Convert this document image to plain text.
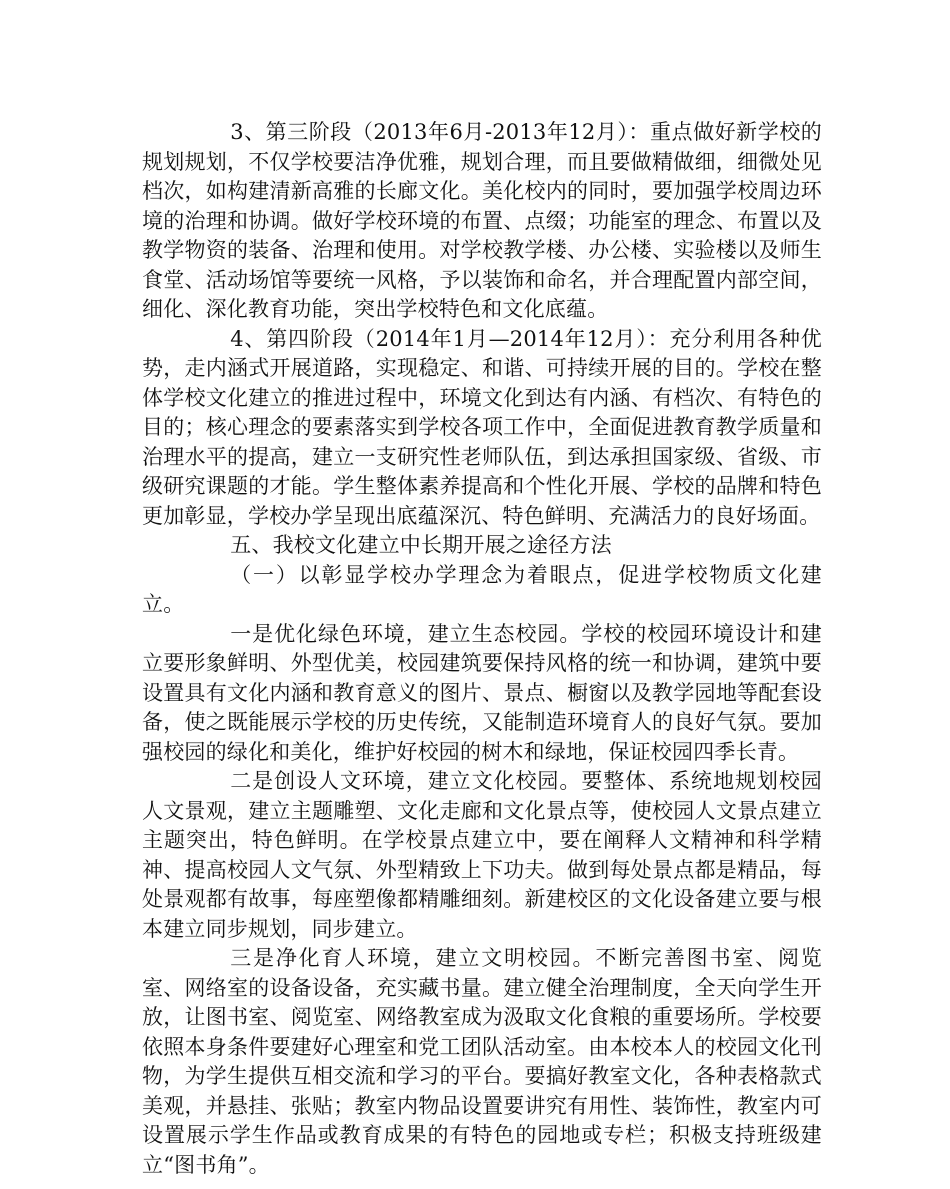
3、第三阶段（2013年6月-2013年12月）：重点做好新学校的规划规划，不仅学校要洁净优雅，规划合理，而且要做精做细，细微处见档次，如构建清新高雅的长廊文化。美化校内的同时，要加强学校周边环境的治理和协调。做好学校环境的布置、点缀；功能室的理念、布置以及教学物资的装备、治理和使用。对学校教学楼、办公楼、实验楼以及师生食堂、活动场馆等要统一风格，予以装饰和命名，并合理配置内部空间，细化、深化教育功能，突出学校特色和文化底蕴。

4、第四阶段（2014年1月—2014年12月）：充分利用各种优势，走内涵式开展道路，实现稳定、和谐、可持续开展的目的。学校在整体学校文化建立的推进过程中，环境文化到达有内涵、有档次、有特色的目的；核心理念的要素落实到学校各项工作中，全面促进教育教学质量和治理水平的提高，建立一支研究性老师队伍，到达承担国家级、省级、市级研究课题的才能。学生整体素养提高和个性化开展、学校的品牌和特色更加彰显，学校办学呈现出底蕴深沉、特色鲜明、充满活力的良好场面。

五、我校文化建立中长期开展之途径方法

（一）以彰显学校办学理念为着眼点，促进学校物质文化建立。

一是优化绿色环境，建立生态校园。学校的校园环境设计和建立要形象鲜明、外型优美，校园建筑要保持风格的统一和协调，建筑中要设置具有文化内涵和教育意义的图片、景点、橱窗以及教学园地等配套设备，使之既能展示学校的历史传统，又能制造环境育人的良好气氛。要加强校园的绿化和美化，维护好校园的树木和绿地，保证校园四季长青。

二是创设人文环境，建立文化校园。要整体、系统地规划校园人文景观，建立主题雕塑、文化走廊和文化景点等，使校园人文景点建立主题突出，特色鲜明。在学校景点建立中，要在阐释人文精神和科学精神、提高校园人文气氛、外型精致上下功夫。做到每处景点都是精品，每处景观都有故事，每座塑像都精雕细刻。新建校区的文化设备建立要与根本建立同步规划，同步建立。

三是净化育人环境，建立文明校园。不断完善图书室、阅览室、网络室的设备设备，充实藏书量。建立健全治理制度，全天向学生开放，让图书室、阅览室、网络教室成为汲取文化食粮的重要场所。学校要依照本身条件要建好心理室和党工团队活动室。由本校本人的校园文化刊物，为学生提供互相交流和学习的平台。要搞好教室文化，各种表格款式美观，并悬挂、张贴；教室内物品设置要讲究有用性、装饰性，教室内可设置展示学生作品或教育成果的有特色的园地或专栏；积极支持班级建立“图书角”。
